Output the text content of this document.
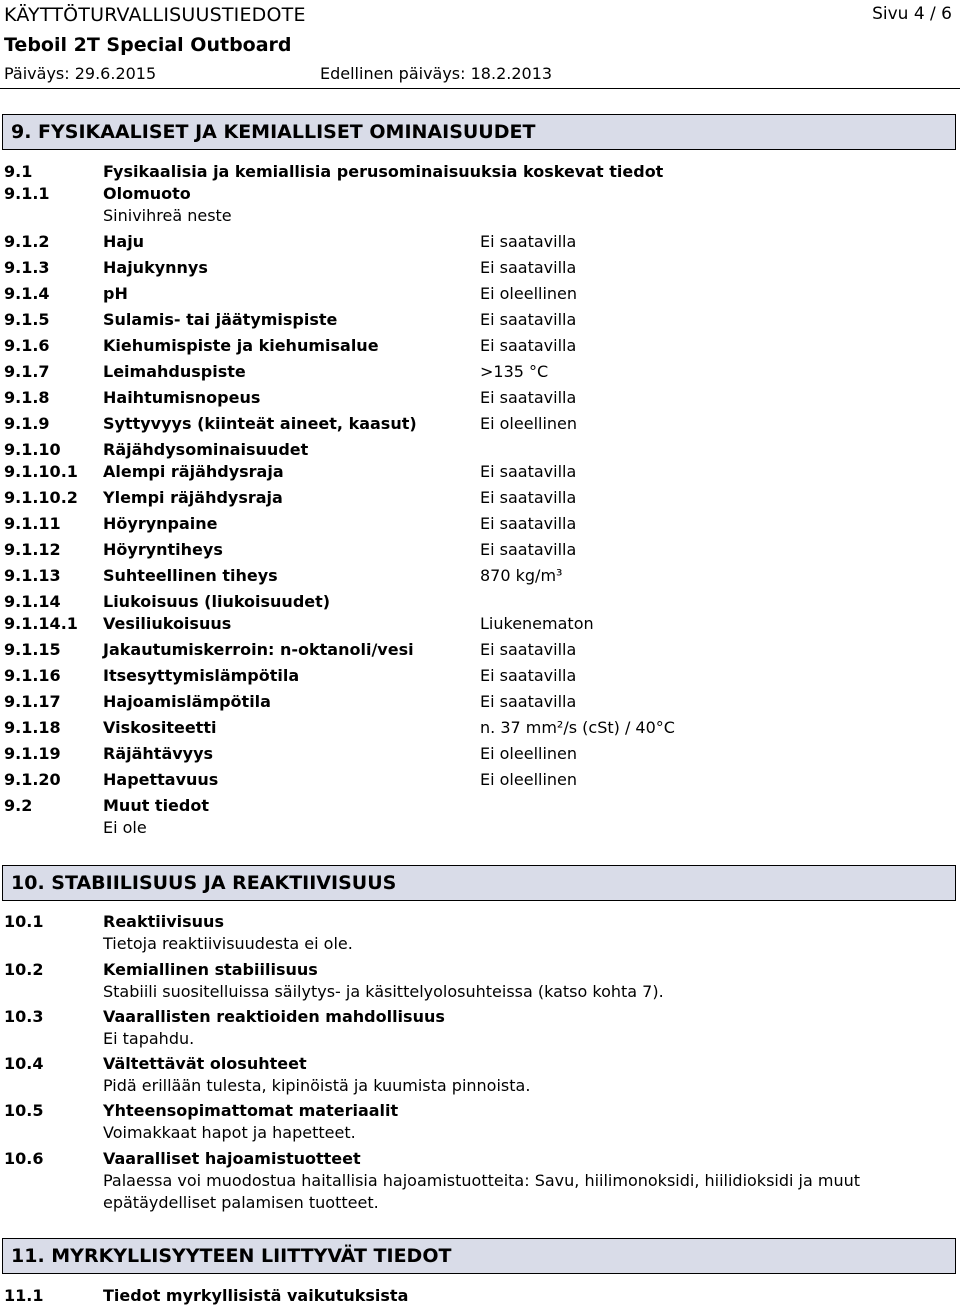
KÄYTTÖTURVALLISUUSTIEDOTE	Sivu 4 / 6
Teboil 2T Special Outboard
Päiväys: 29.6.2015	Edellinen päiväys: 18.2.2013
9. FYSIKAALISET JA KEMIALLISET OMINAISUUDET
9.1	Fysikaalisia ja kemiallisia perusominaisuuksia koskevat tiedot
9.1.1	Olomuoto
Sinivihreä neste
9.1.2	Haju	Ei saatavilla
9.1.3	Hajukynnys	Ei saatavilla
9.1.4	pH	Ei oleellinen
9.1.5	Sulamis- tai jäätymispiste	Ei saatavilla
9.1.6	Kiehumispiste ja kiehumisalue	Ei saatavilla
9.1.7	Leimahduspiste	>135 °C
9.1.8	Haihtumisnopeus	Ei saatavilla
9.1.9	Syttyvyys (kiinteät aineet, kaasut)	Ei oleellinen
9.1.10	Räjähdysominaisuudet
9.1.10.1 Alempi räjähdysraja	Ei saatavilla
9.1.10.2 Ylempi räjähdysraja	Ei saatavilla
9.1.11	Höyrynpaine	Ei saatavilla
9.1.12	Höyryntiheys	Ei saatavilla
9.1.13	Suhteellinen tiheys	870 kg/m³
9.1.14	Liukoisuus (liukoisuudet)
9.1.14.1 Vesiliukoisuus	Liukenematon
9.1.15	Jakautumiskerroin: n-oktanoli/vesi	Ei saatavilla
9.1.16	Itsesyttymislämpötila	Ei saatavilla
9.1.17	Hajoamislämpötila	Ei saatavilla
9.1.18	Viskositeetti	n. 37 mm²/s (cSt) / 40°C
9.1.19	Räjähtävyys	Ei oleellinen
9.1.20	Hapettavuus	Ei oleellinen
9.2	Muut tiedot
Ei ole
10. STABIILISUUS JA REAKTIIVISUUS
10.1	Reaktiivisuus
Tietoja reaktiivisuudesta ei ole.
10.2	Kemiallinen stabiilisuus
Stabiili suositelluissa säilytys- ja käsittelyolosuhteissa (katso kohta 7).
10.3	Vaarallisten reaktioiden mahdollisuus
Ei tapahdu.
10.4	Vältettävät olosuhteet
Pidä erillään tulesta, kipinöistä ja kuumista pinnoista.
10.5	Yhteensopimattomat materiaalit
Voimakkaat hapot ja hapetteet.
10.6	Vaaralliset hajoamistuotteet
Palaessa voi muodostua haitallisia hajoamistuotteita: Savu, hiilimonoksidi, hiilidioksidi ja muut epätäydelliset palamisen tuotteet.
11. MYRKYLLISYYTEEN LIITTYVÄT TIEDOT
11.1	Tiedot myrkyllisistä vaikutuksista
